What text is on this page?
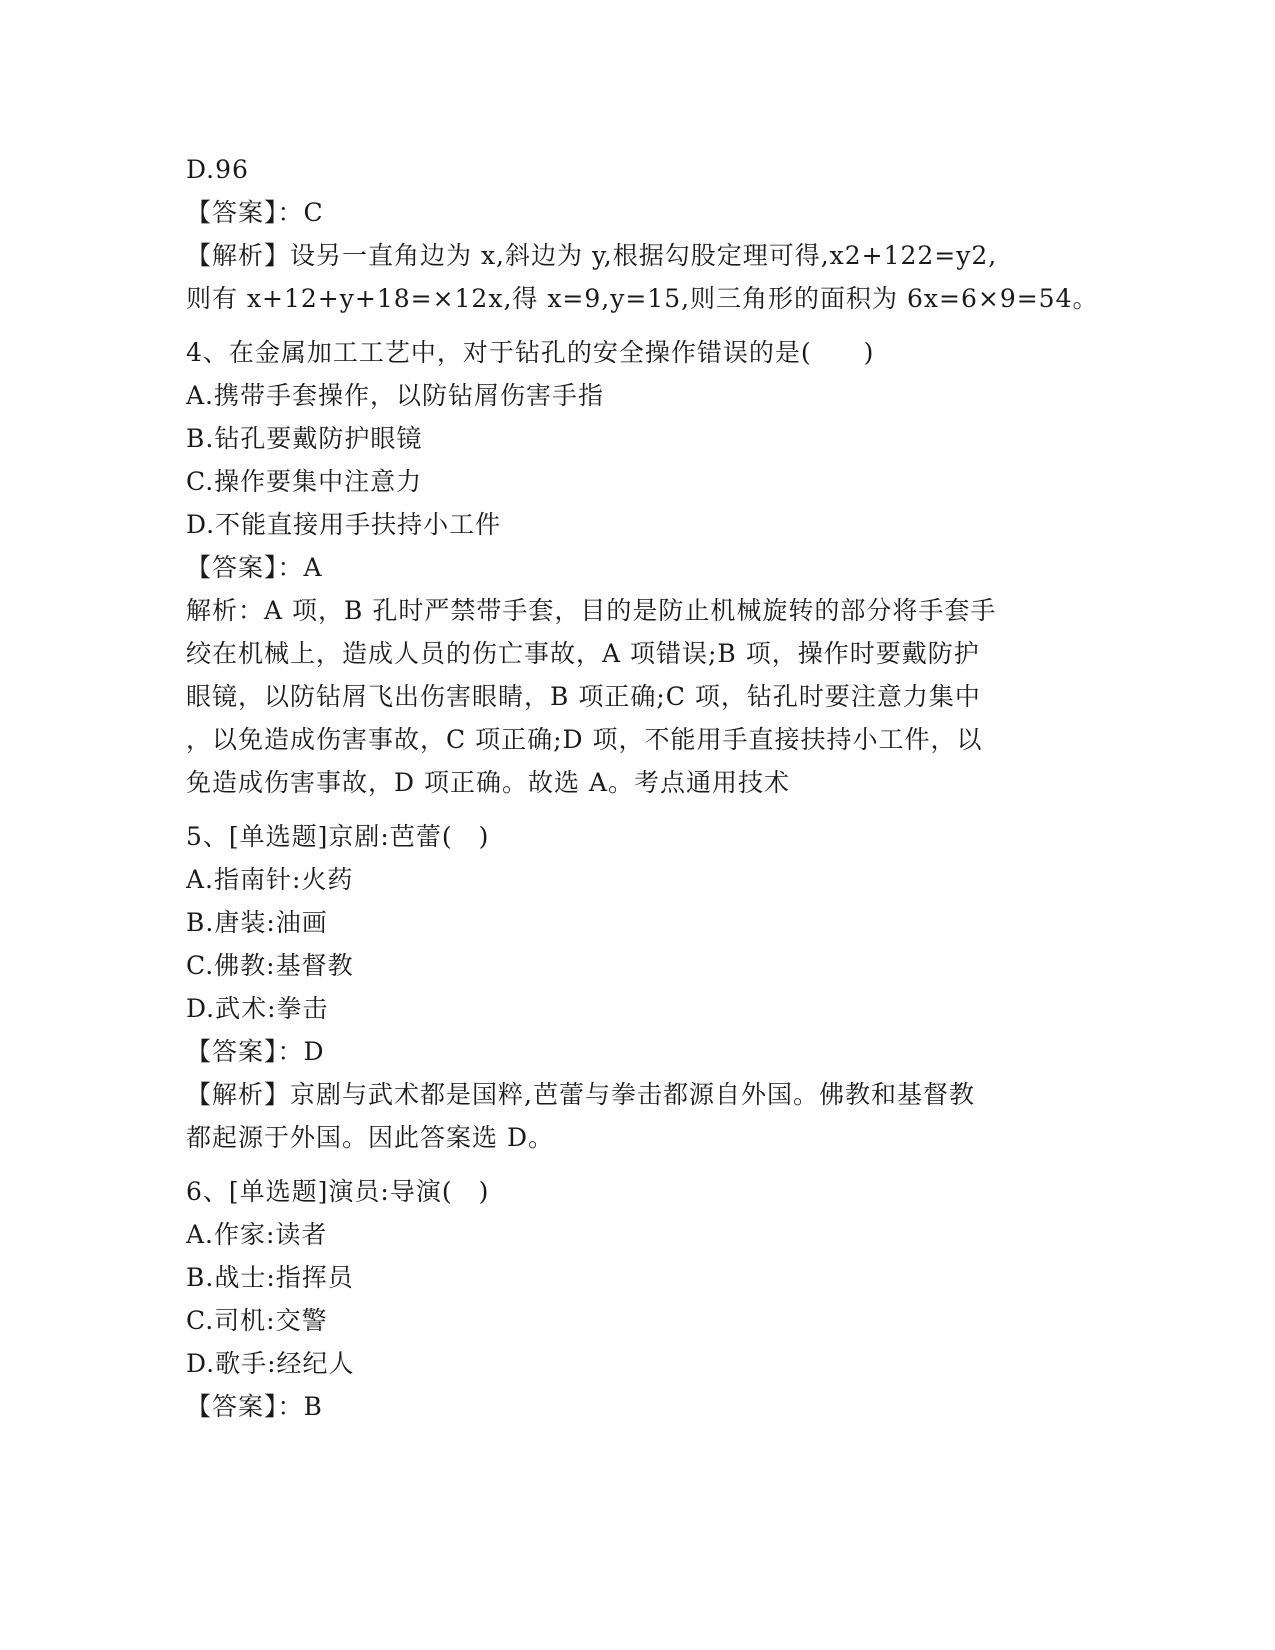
D.96
【答案】：C
【解析】设另一直角边为 x,斜边为 y,根据勾股定理可得,x2+122=y2,
则有 x+12+y+18=×12x,得 x=9,y=15,则三角形的面积为 6x=6×9=54。
4、在金属加工工艺中，对于钻孔的安全操作错误的是(　　)
A.携带手套操作，以防钻屑伤害手指
B.钻孔要戴防护眼镜
C.操作要集中注意力
D.不能直接用手扶持小工件
【答案】：A
解析：A 项，B 孔时严禁带手套，目的是防止机械旋转的部分将手套手
绞在机械上，造成人员的伤亡事故，A 项错误;B 项，操作时要戴防护
眼镜，以防钻屑飞出伤害眼睛，B 项正确;C 项，钻孔时要注意力集中
，以免造成伤害事故，C 项正确;D 项，不能用手直接扶持小工件，以
免造成伤害事故，D 项正确。故选 A。考点通用技术
5、[单选题]京剧:芭蕾(　)
A.指南针:火药
B.唐装:油画
C.佛教:基督教
D.武术:拳击
【答案】：D
【解析】京剧与武术都是国粹,芭蕾与拳击都源自外国。佛教和基督教
都起源于外国。因此答案选 D。
6、[单选题]演员:导演(　)
A.作家:读者
B.战士:指挥员
C.司机:交警
D.歌手:经纪人
【答案】：B
